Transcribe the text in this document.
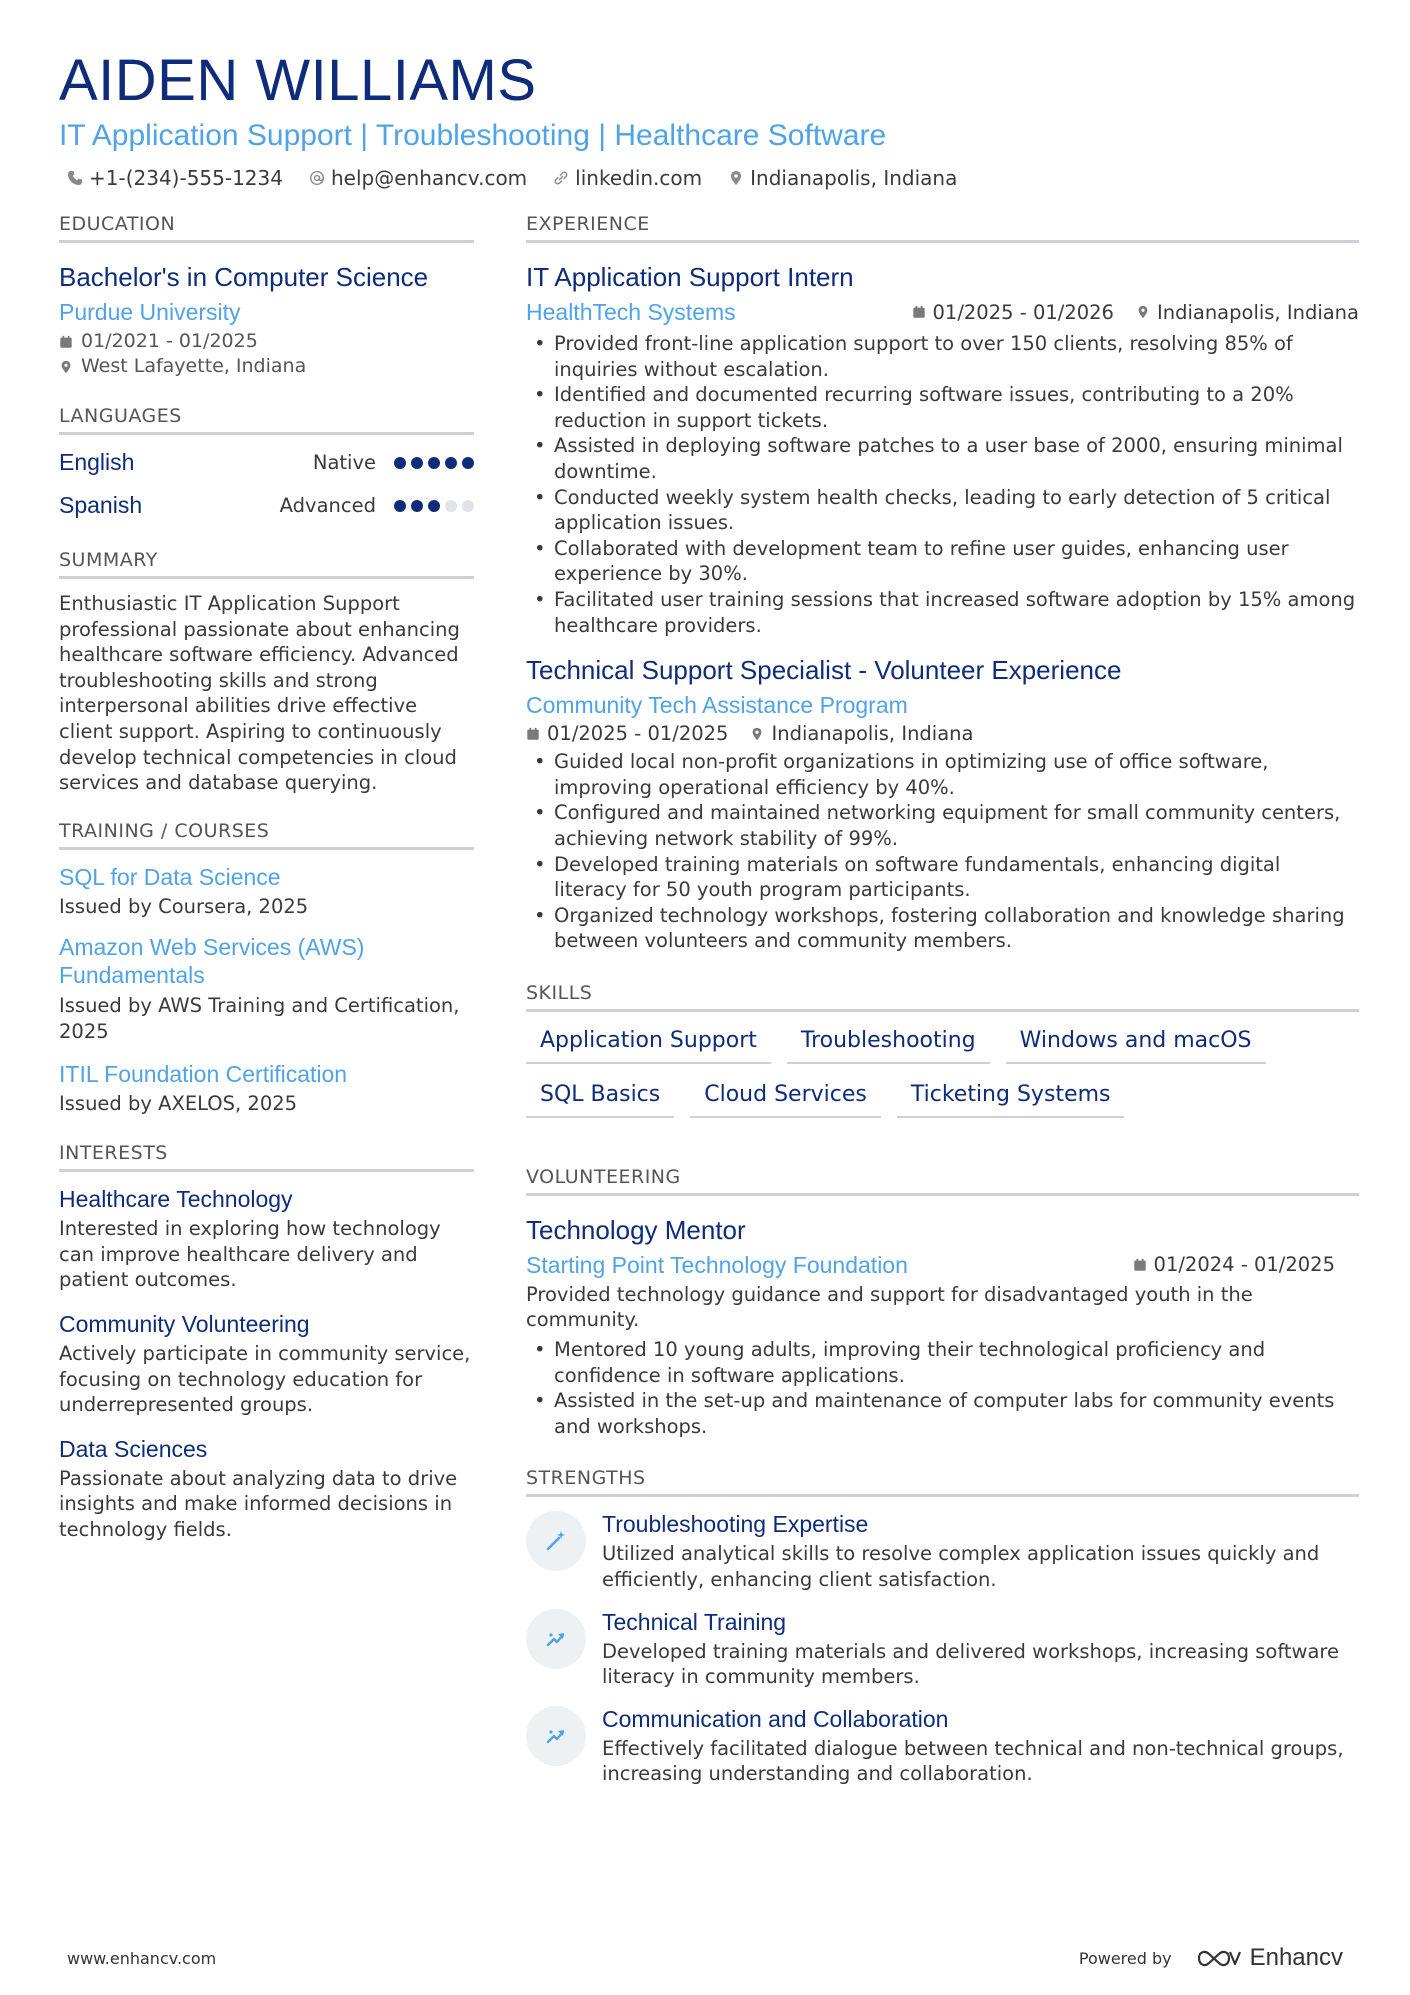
AIDEN WILLIAMS
IT Application Support | Troubleshooting | Healthcare Software
+1-(234)-555-1234 help@enhancv.com linkedin.com Indianapolis, Indiana
EDUCATION
Bachelor's in Computer Science
Purdue University
01/2021 - 01/2025
West Lafayette, Indiana
LANGUAGES
English	Native
Spanish	Advanced
SUMMARY
Enthusiastic IT Application Support professional passionate about enhancing healthcare software efficiency. Advanced troubleshooting skills and strong interpersonal abilities drive effective client support. Aspiring to continuously develop technical competencies in cloud services and database querying.
TRAINING / COURSES
SQL for Data Science
Issued by Coursera, 2025
Amazon Web Services (AWS) Fundamentals
Issued by AWS Training and Certification, 2025
ITIL Foundation Certification
Issued by AXELOS, 2025
INTERESTS
Healthcare Technology
Interested in exploring how technology can improve healthcare delivery and patient outcomes.
Community Volunteering
Actively participate in community service, focusing on technology education for underrepresented groups.
Data Sciences
Passionate about analyzing data to drive insights and make informed decisions in technology fields.
EXPERIENCE
IT Application Support Intern
HealthTech Systems	01/2025 - 01/2026 Indianapolis, Indiana
• Provided front-line application support to over 150 clients, resolving 85% of inquiries without escalation.
• Identified and documented recurring software issues, contributing to a 20% reduction in support tickets.
• Assisted in deploying software patches to a user base of 2000, ensuring minimal downtime.
• Conducted weekly system health checks, leading to early detection of 5 critical application issues.
• Collaborated with development team to refine user guides, enhancing user experience by 30%.
• Facilitated user training sessions that increased software adoption by 15% among healthcare providers.
Technical Support Specialist - Volunteer Experience
Community Tech Assistance Program
01/2025 - 01/2025 Indianapolis, Indiana
• Guided local non-profit organizations in optimizing use of office software, improving operational efficiency by 40%.
• Configured and maintained networking equipment for small community centers, achieving network stability of 99%.
• Developed training materials on software fundamentals, enhancing digital literacy for 50 youth program participants.
• Organized technology workshops, fostering collaboration and knowledge sharing between volunteers and community members.
SKILLS
Application Support	Troubleshooting	Windows and macOS
SQL Basics	Cloud Services	Ticketing Systems
VOLUNTEERING
Technology Mentor
Starting Point Technology Foundation	01/2024 - 01/2025
Provided technology guidance and support for disadvantaged youth in the community.
• Mentored 10 young adults, improving their technological proficiency and confidence in software applications.
• Assisted in the set-up and maintenance of computer labs for community events and workshops.
STRENGTHS
Troubleshooting Expertise
Utilized analytical skills to resolve complex application issues quickly and efficiently, enhancing client satisfaction.
Technical Training
Developed training materials and delivered workshops, increasing software literacy in community members.
Communication and Collaboration
Effectively facilitated dialogue between technical and non-technical groups, increasing understanding and collaboration.
www.enhancv.com	Powered by	Enhancv
